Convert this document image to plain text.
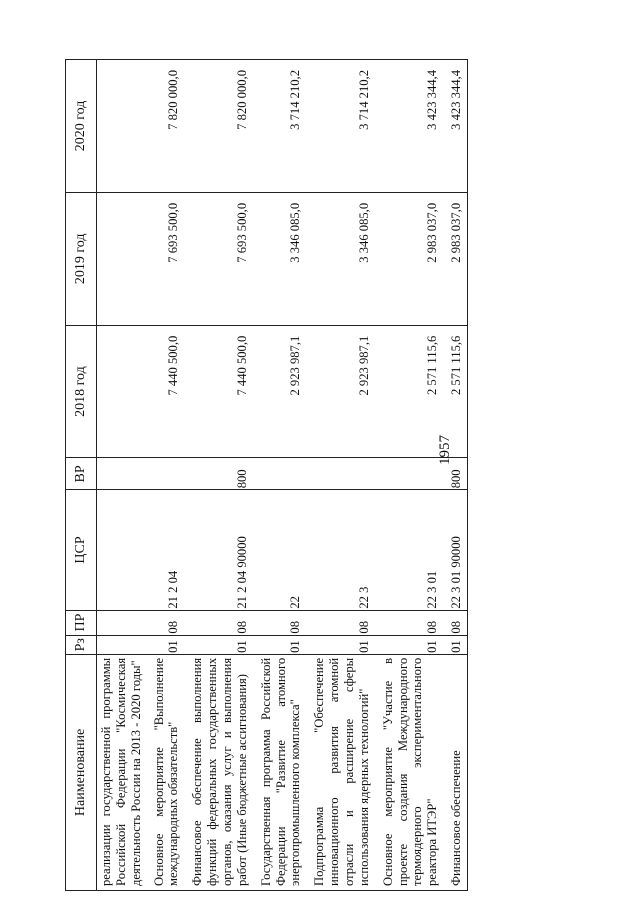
1957
Наименование	Рз	ПР	ЦСР	ВР	2018 год	2019 год	2020 год
реализации государственной программы Российской Федерации "Космическая деятельность России на 2013 - 2020 годы"							
Основное мероприятие "Выполнение международных обязательств"	01	08	21 2 04		7 440 500,0	7 693 500,0	7 820 000,0
Финансовое обеспечение выполнения функций федеральных государственных органов, оказания услуг и выполнения работ (Иные бюджетные ассигнования)	01	08	21 2 04 90000	800	7 440 500,0	7 693 500,0	7 820 000,0
Государственная программа Российской Федерации "Развитие атомного энергопромышленного комплекса"	01	08	22		2 923 987,1	3 346 085,0	3 714 210,2
Подпрограмма "Обеспечение инновационного развития атомной отрасли и расширение сферы использования ядерных технологий"	01	08	22 3		2 923 987,1	3 346 085,0	3 714 210,2
Основное мероприятие "Участие в проекте создания Международного термоядерного экспериментального реактора ИТЭР"	01	08	22 3 01		2 571 115,6	2 983 037,0	3 423 344,4
Финансовое обеспечение	01	08	22 3 01 90000	800	2 571 115,6	2 983 037,0	3 423 344,4
